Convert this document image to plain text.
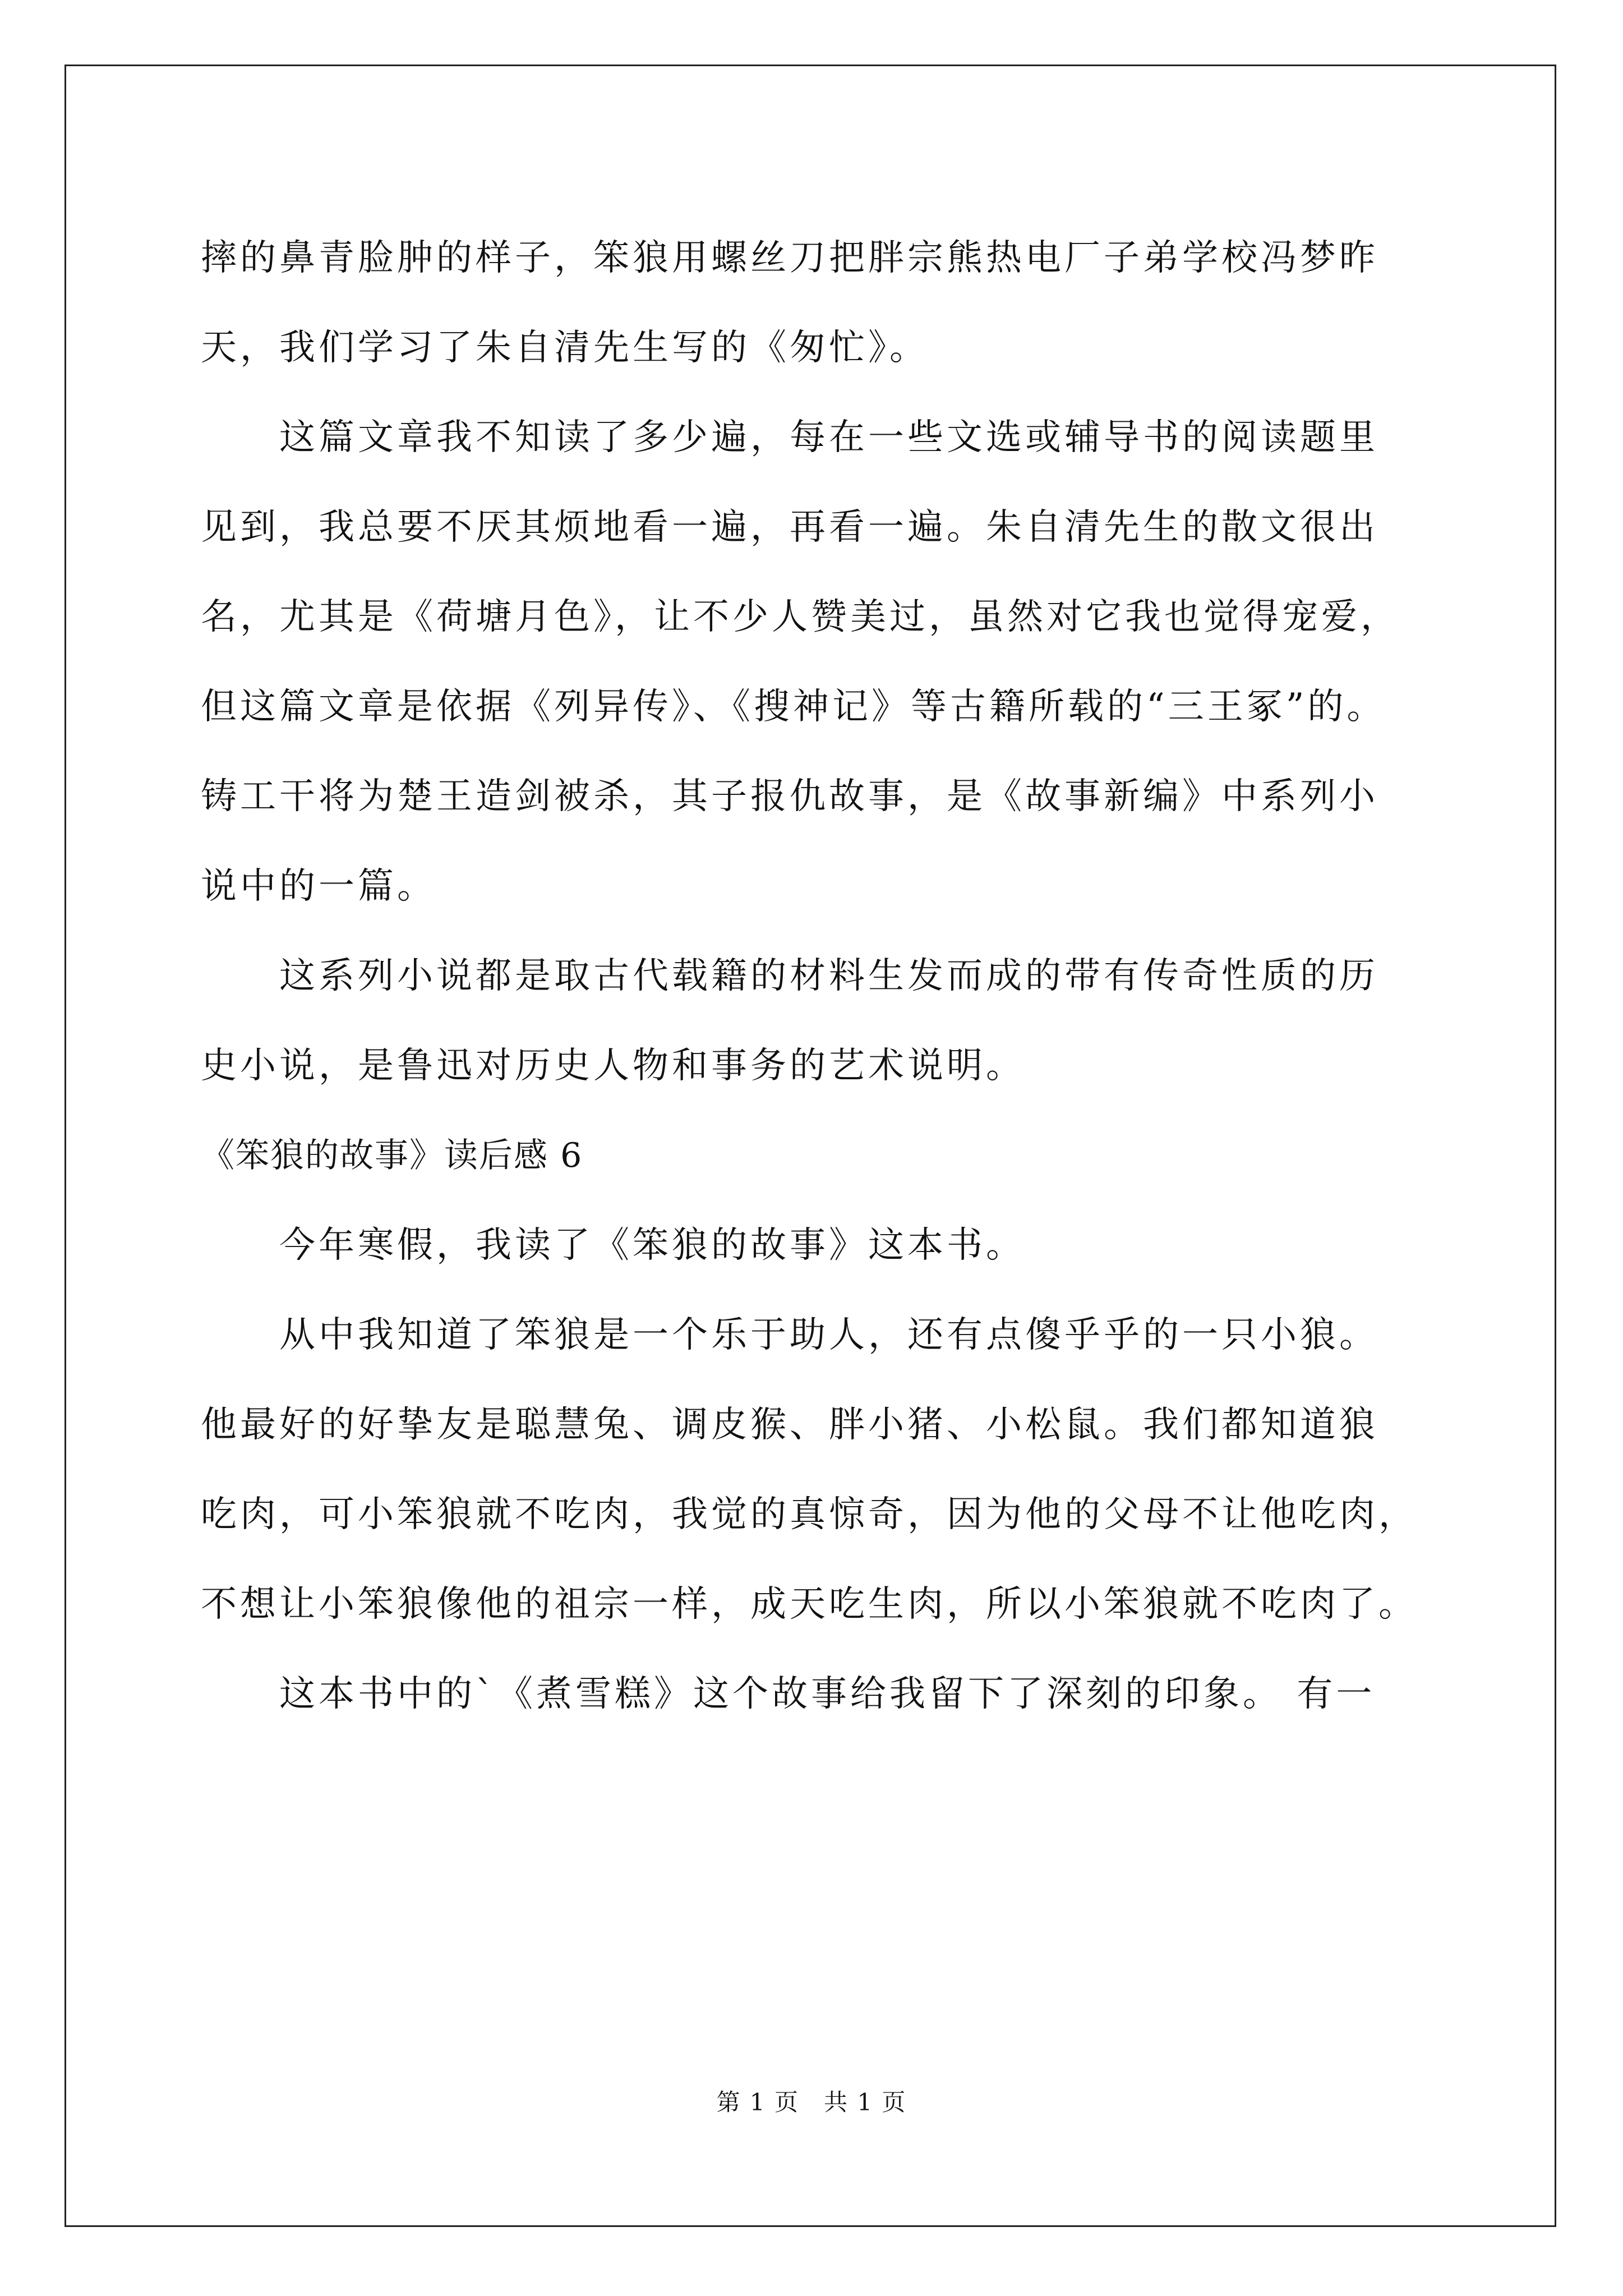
摔的鼻青脸肿的样子，笨狼用螺丝刀把胖宗熊热电厂子弟学校冯梦昨
天，我们学习了朱自清先生写的《匆忙》。
这篇文章我不知读了多少遍，每在一些文选或辅导书的阅读题里
见到，我总要不厌其烦地看一遍，再看一遍。朱自清先生的散文很出
名，尤其是《荷塘月色》，让不少人赞美过，虽然对它我也觉得宠爱，
但这篇文章是依据《列异传》、《搜神记》等古籍所载的“三王冢”的。
铸工干将为楚王造剑被杀，其子报仇故事，是《故事新编》中系列小
说中的一篇。
这系列小说都是取古代载籍的材料生发而成的带有传奇性质的历
史小说，是鲁迅对历史人物和事务的艺术说明。
《笨狼的故事》读后感 6
今年寒假，我读了《笨狼的故事》这本书。
从中我知道了笨狼是一个乐于助人，还有点傻乎乎的一只小狼。
他最好的好挚友是聪慧兔、调皮猴、胖小猪、小松鼠。我们都知道狼
吃肉，可小笨狼就不吃肉，我觉的真惊奇，因为他的父母不让他吃肉，
不想让小笨狼像他的祖宗一样，成天吃生肉，所以小笨狼就不吃肉了。
这本书中的`《煮雪糕》这个故事给我留下了深刻的印象。 有一
第 1 页　共 1 页
